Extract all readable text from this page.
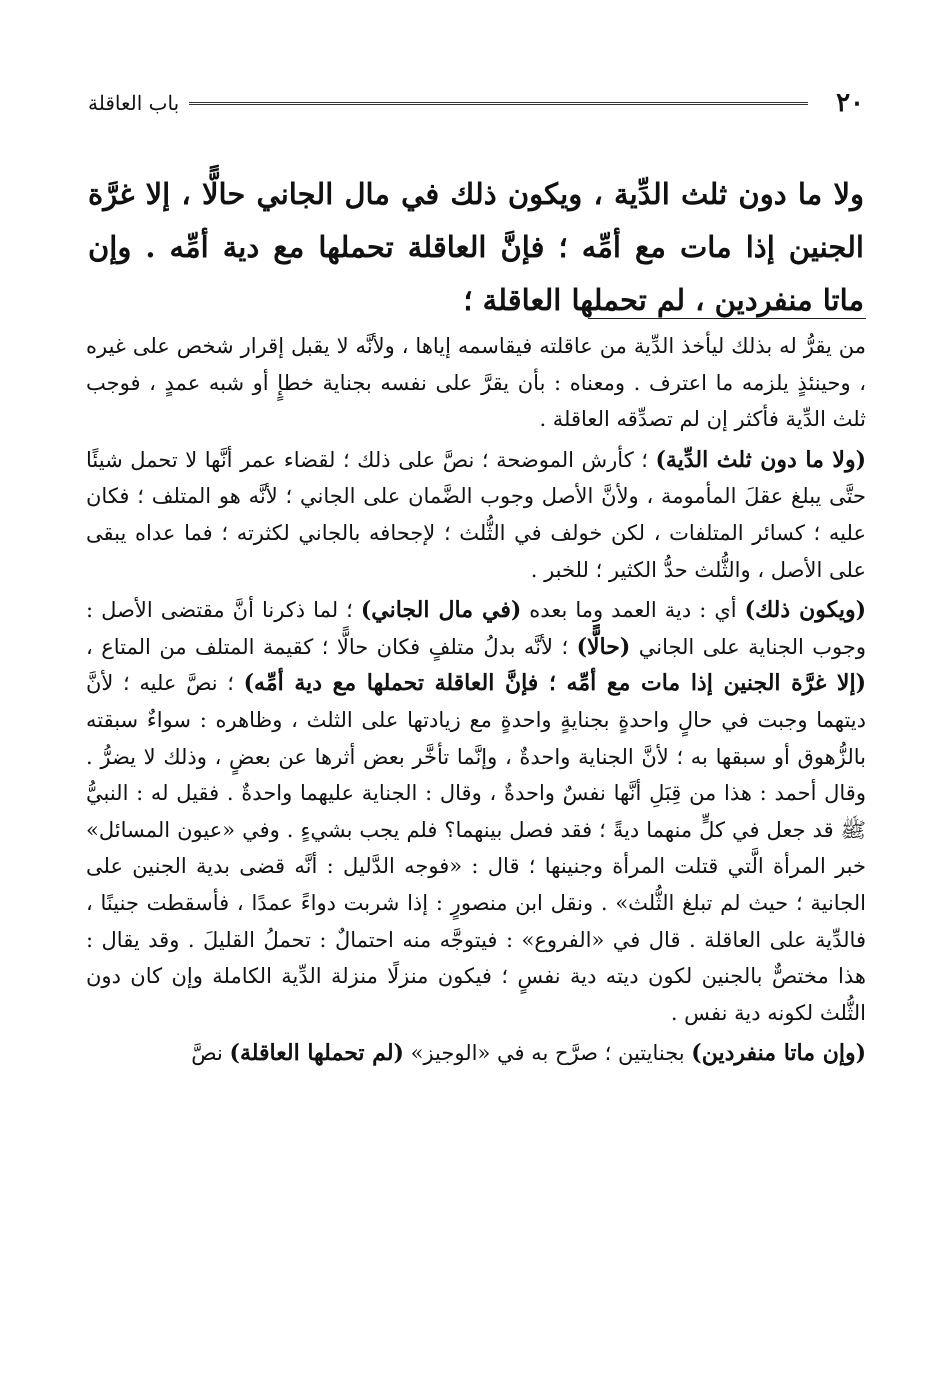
٢٠
باب العاقلة

ولا ما دون ثلث الدِّية ، ويكون ذلك في مال الجاني حالًّا ، إلا غرَّة الجنين إذا مات مع أمِّه ؛ فإنَّ العاقلة تحملها مع دية أمِّه . وإن ماتا منفردين ، لم تحملها العاقلة ؛

من يقرُّ له بذلك ليأخذ الدِّية من عاقلته فيقاسمه إياها ، ولأنَّه لا يقبل إقرار شخص على غيره ، وحينئذٍ يلزمه ما اعترف . ومعناه : بأن يقرَّ على نفسه بجناية خطإٍ أو شبه عمدٍ ، فوجب ثلث الدِّية فأكثر إن لم تصدِّقه العاقلة .

(ولا ما دون ثلث الدِّية) ؛ كأرش الموضحة ؛ نصَّ على ذلك ؛ لقضاء عمر أنَّها لا تحمل شيئًا حتَّى يبلغ عقلَ المأمومة ، ولأنَّ الأصل وجوب الضَّمان على الجاني ؛ لأنَّه هو المتلف ؛ فكان عليه ؛ كسائر المتلفات ، لكن خولف في الثُّلث ؛ لإجحافه بالجاني لكثرته ؛ فما عداه يبقى على الأصل ، والثُّلث حدُّ الكثير ؛ للخبر .

(ويكون ذلك) أي : دية العمد وما بعده (في مال الجاني) ؛ لما ذكرنا أنَّ مقتضى الأصل : وجوب الجناية على الجاني (حالًّا) ؛ لأنَّه بدلُ متلفٍ فكان حالًّا ؛ كقيمة المتلف من المتاع ، (إلا غرَّة الجنين إذا مات مع أمِّه ؛ فإنَّ العاقلة تحملها مع دية أمِّه) ؛ نصَّ عليه ؛ لأنَّ ديتهما وجبت في حالٍ واحدةٍ بجنايةٍ واحدةٍ مع زيادتها على الثلث ، وظاهره : سواءٌ سبقته بالزُّهوق أو سبقها به ؛ لأنَّ الجناية واحدةٌ ، وإنَّما تأخَّر بعض أثرها عن بعضٍ ، وذلك لا يضرُّ . وقال أحمد : هذا من قِبَلِ أنَّها نفسٌ واحدةٌ ، وقال : الجناية عليهما واحدةٌ . فقيل له : النبيُّ ﷺ قد جعل في كلٍّ منهما ديةً ؛ فقد فصل بينهما؟ فلم يجب بشيءٍ . وفي «عيون المسائل» خبر المرأة الَّتي قتلت المرأة وجنينها ؛ قال : «فوجه الدَّليل : أنَّه قضى بدية الجنين على الجانية ؛ حيث لم تبلغ الثُّلث» . ونقل ابن منصورٍ : إذا شربت دواءً عمدًا ، فأسقطت جنينًا ، فالدِّية على العاقلة . قال في «الفروع» : فيتوجَّه منه احتمالٌ : تحملُ القليلَ . وقد يقال : هذا مختصٌّ بالجنين لكون ديته دية نفسٍ ؛ فيكون منزلًا منزلة الدِّية الكاملة وإن كان دون الثُّلث لكونه دية نفس .

(وإن ماتا منفردين) بجنايتين ؛ صرَّح به في «الوجيز» (لم تحملها العاقلة) نصَّ
